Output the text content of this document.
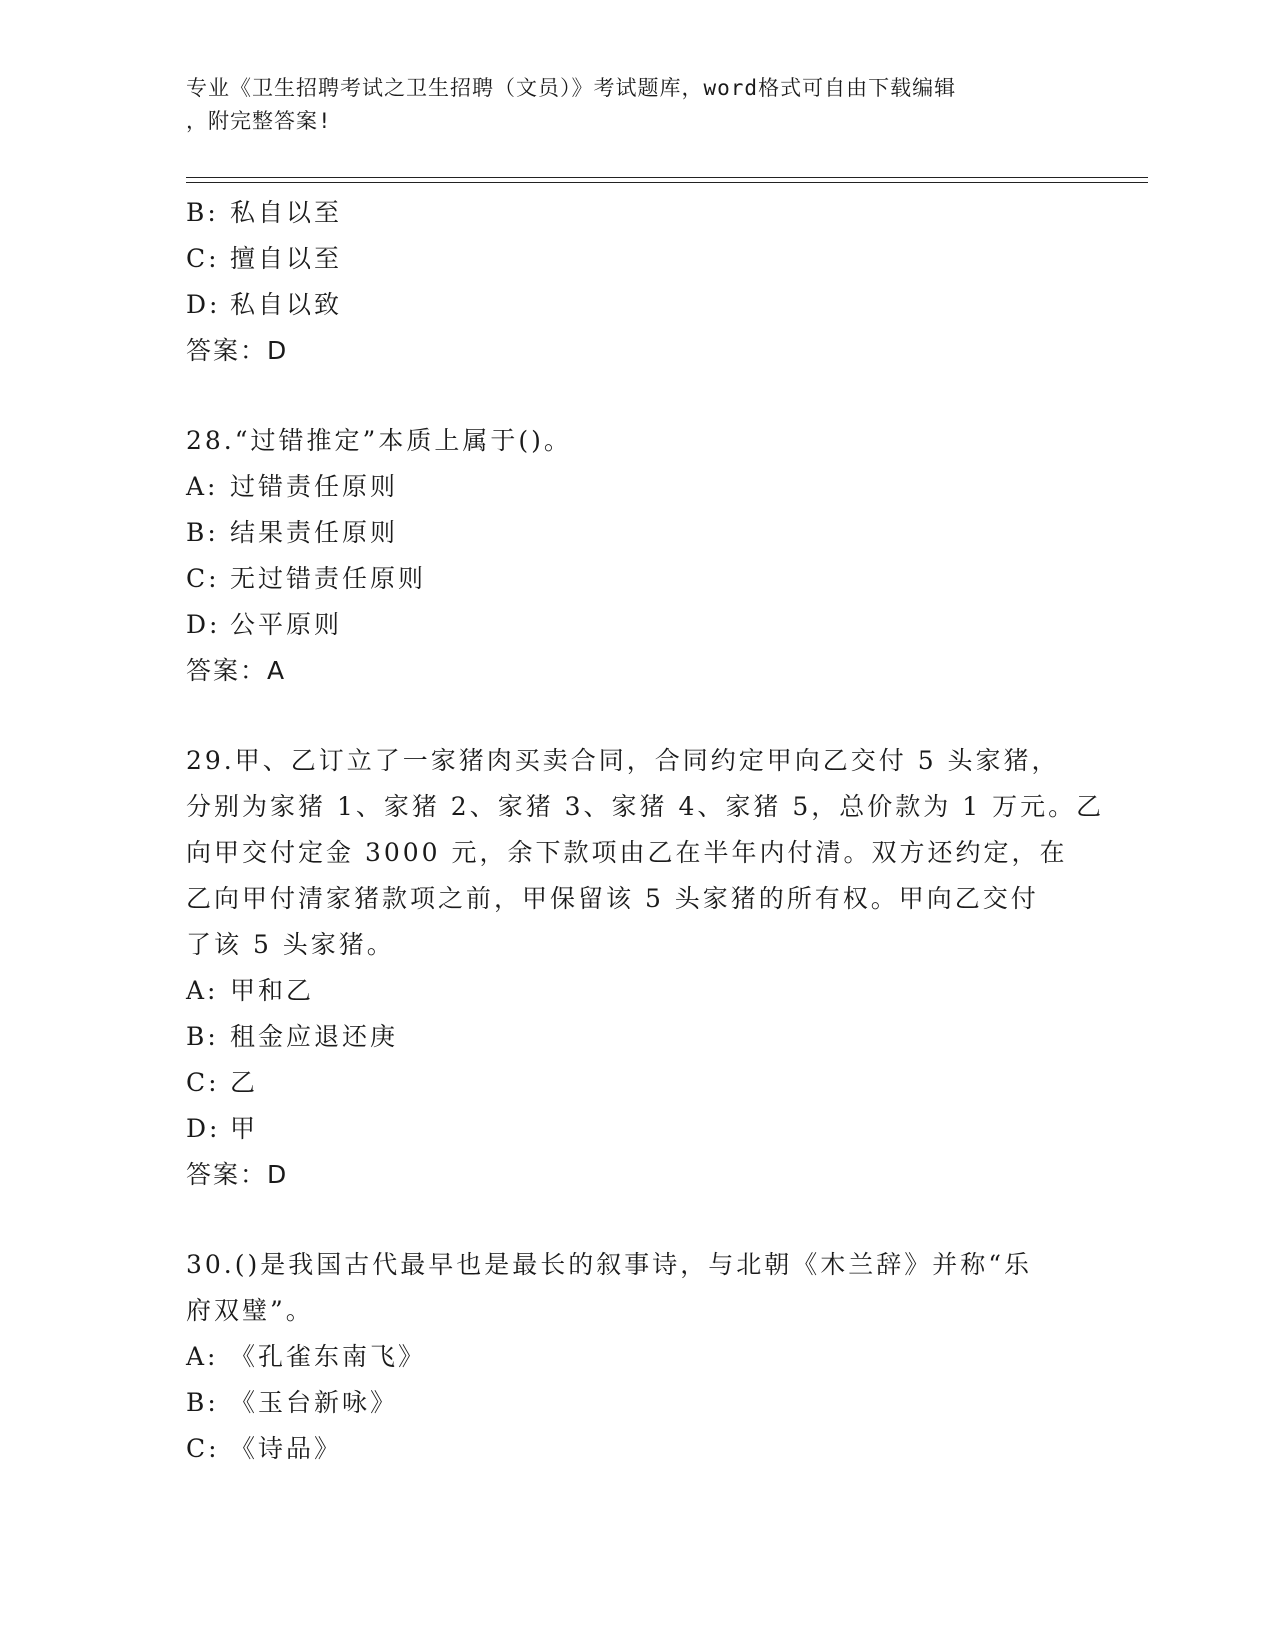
专业《卫生招聘考试之卫生招聘（文员）》考试题库，word格式可自由下载编辑
，附完整答案!
B: 私自以至
C: 擅自以至
D: 私自以致
答案：D
28.“过错推定”本质上属于()。
A: 过错责任原则
B: 结果责任原则
C: 无过错责任原则
D: 公平原则
答案：A
29.甲、乙订立了一家猪肉买卖合同，合同约定甲向乙交付 5 头家猪，
分别为家猪 1、家猪 2、家猪 3、家猪 4、家猪 5，总价款为 1 万元。乙
向甲交付定金 3000 元，余下款项由乙在半年内付清。双方还约定，在
乙向甲付清家猪款项之前，甲保留该 5 头家猪的所有权。甲向乙交付
了该 5 头家猪。
A: 甲和乙
B: 租金应退还庚
C: 乙
D: 甲
答案：D
30.()是我国古代最早也是最长的叙事诗，与北朝《木兰辞》并称“乐
府双璧”。
A: 《孔雀东南飞》
B: 《玉台新咏》
C: 《诗品》
